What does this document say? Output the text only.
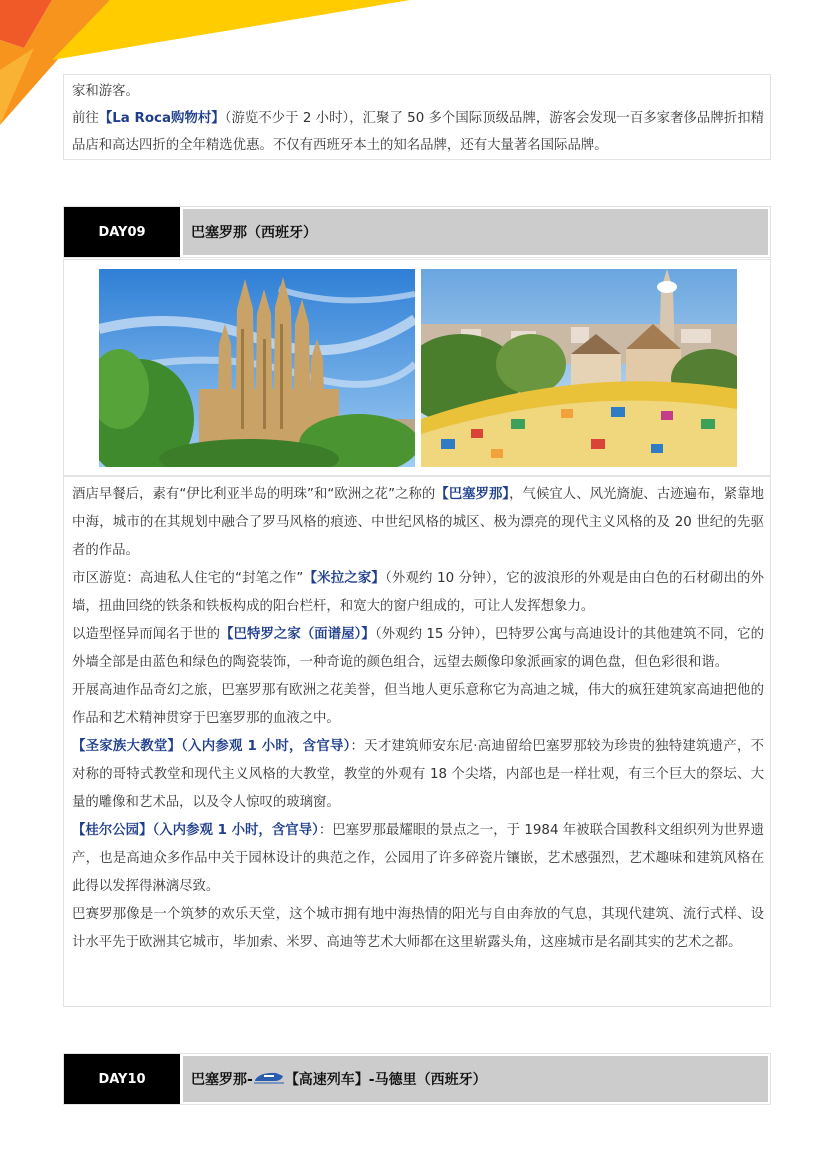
家和游客。

前往【La Roca购物村】（游览不少于 2 小时），汇聚了 50 多个国际顶级品牌，游客会发现一百多家奢侈品牌折扣精品店和高达四折的全年精选优惠。不仅有西班牙本土的知名品牌，还有大量著名国际品牌。

DAY09	巴塞罗那（西班牙）

酒店早餐后，素有“伊比利亚半岛的明珠”和“欧洲之花”之称的【巴塞罗那】，气候宜人、风光旖旎、古迹遍布，紧靠地中海，城市的在其规划中融合了罗马风格的痕迹、中世纪风格的城区、极为漂亮的现代主义风格的及 20 世纪的先驱者的作品。

市区游览：高迪私人住宅的“封笔之作”【米拉之家】（外观约 10 分钟），它的波浪形的外观是由白色的石材砌出的外墙，扭曲回绕的铁条和铁板构成的阳台栏杆，和宽大的窗户组成的，可让人发挥想象力。

以造型怪异而闻名于世的【巴特罗之家（面谱屋）】（外观约 15 分钟），巴特罗公寓与高迪设计的其他建筑不同，它的外墙全部是由蓝色和绿色的陶瓷装饰，一种奇诡的颜色组合，远望去颇像印象派画家的调色盘，但色彩很和谐。

开展高迪作品奇幻之旅，巴塞罗那有欧洲之花美誉，但当地人更乐意称它为高迪之城，伟大的疯狂建筑家高迪把他的作品和艺术精神贯穿于巴塞罗那的血液之中。

【圣家族大教堂】（入内参观 1 小时，含官导）：天才建筑师安东尼·高迪留给巴塞罗那较为珍贵的独特建筑遗产，不对称的哥特式教堂和现代主义风格的大教堂，教堂的外观有 18 个尖塔，内部也是一样壮观，有三个巨大的祭坛、大量的雕像和艺术品，以及令人惊叹的玻璃窗。

【桂尔公园】（入内参观 1 小时，含官导）：巴塞罗那最耀眼的景点之一，于 1984 年被联合国教科文组织列为世界遗产，也是高迪众多作品中关于园林设计的典范之作，公园用了许多碎瓷片镶嵌，艺术感强烈，艺术趣味和建筑风格在此得以发挥得淋漓尽致。

巴赛罗那像是一个筑梦的欢乐天堂，这个城市拥有地中海热情的阳光与自由奔放的气息，其现代建筑、流行式样、设计水平先于欧洲其它城市，毕加索、米罗、高迪等艺术大师都在这里崭露头角，这座城市是名副其实的艺术之都。

DAY10	巴塞罗那- 【高速列车】-马德里（西班牙）
